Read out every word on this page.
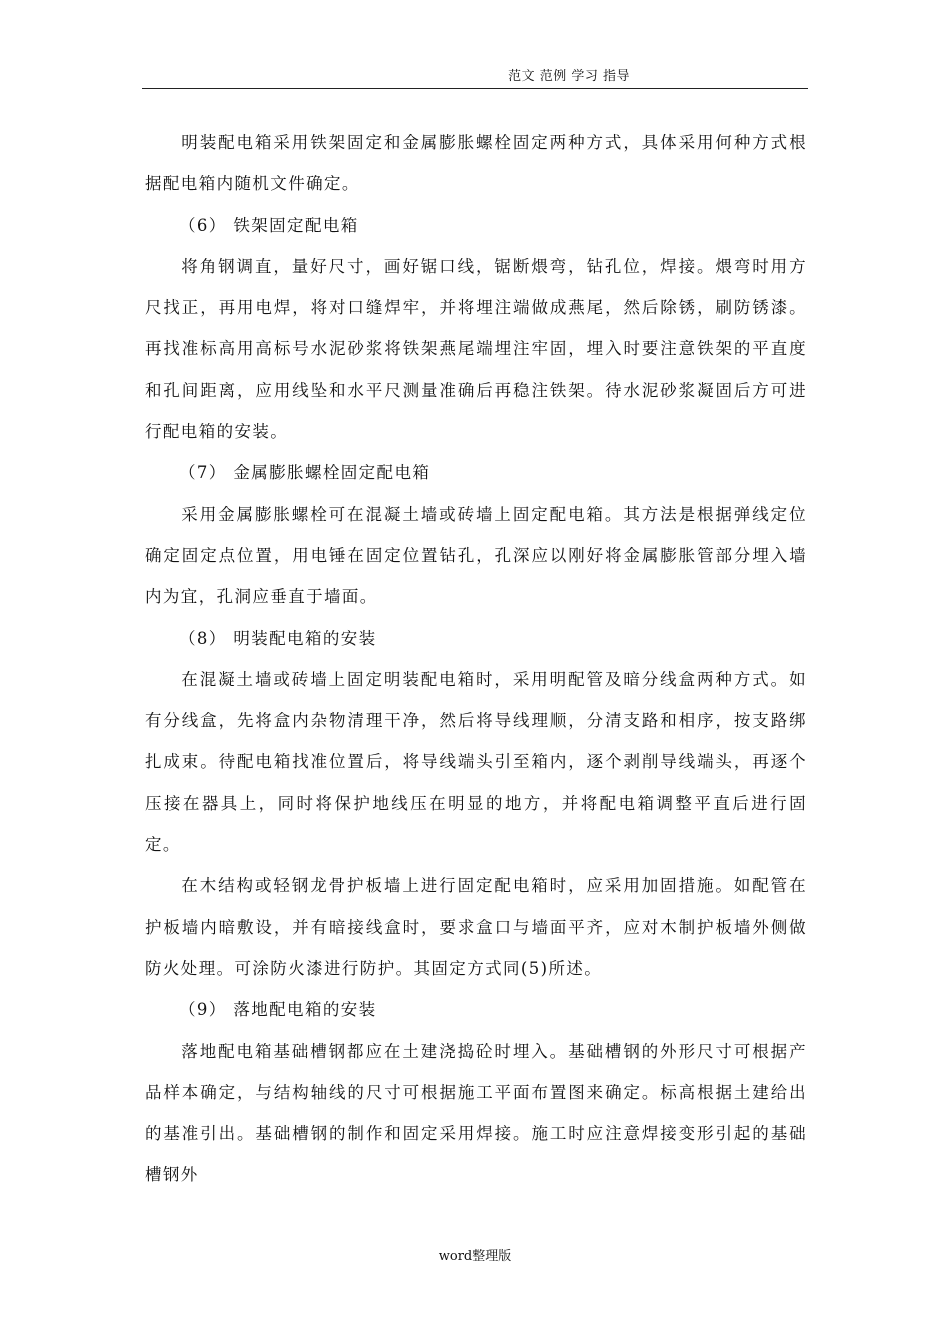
范文 范例 学习 指导

明装配电箱采用铁架固定和金属膨胀螺栓固定两种方式，具体采用何种方式根据配电箱内随机文件确定。

（6） 铁架固定配电箱

将角钢调直，量好尺寸，画好锯口线，锯断煨弯，钻孔位，焊接。煨弯时用方尺找正，再用电焊，将对口缝焊牢，并将埋注端做成燕尾，然后除锈，刷防锈漆。再找准标高用高标号水泥砂浆将铁架燕尾端埋注牢固，埋入时要注意铁架的平直度和孔间距离，应用线坠和水平尺测量准确后再稳注铁架。待水泥砂浆凝固后方可进行配电箱的安装。

（7） 金属膨胀螺栓固定配电箱

采用金属膨胀螺栓可在混凝土墙或砖墙上固定配电箱。其方法是根据弹线定位确定固定点位置，用电锤在固定位置钻孔，孔深应以刚好将金属膨胀管部分埋入墙内为宜，孔洞应垂直于墙面。

（8） 明装配电箱的安装

在混凝土墙或砖墙上固定明装配电箱时，采用明配管及暗分线盒两种方式。如有分线盒，先将盒内杂物清理干净，然后将导线理顺，分清支路和相序，按支路绑扎成束。待配电箱找准位置后，将导线端头引至箱内，逐个剥削导线端头，再逐个压接在器具上，同时将保护地线压在明显的地方，并将配电箱调整平直后进行固定。

在木结构或轻钢龙骨护板墙上进行固定配电箱时，应采用加固措施。如配管在护板墙内暗敷设，并有暗接线盒时，要求盒口与墙面平齐，应对木制护板墙外侧做防火处理。可涂防火漆进行防护。其固定方式同(5)所述。

（9） 落地配电箱的安装

落地配电箱基础槽钢都应在土建浇捣砼时埋入。基础槽钢的外形尺寸可根据产品样本确定，与结构轴线的尺寸可根据施工平面布置图来确定。标高根据土建给出的基准引出。基础槽钢的制作和固定采用焊接。施工时应注意焊接变形引起的基础槽钢外

word整理版
